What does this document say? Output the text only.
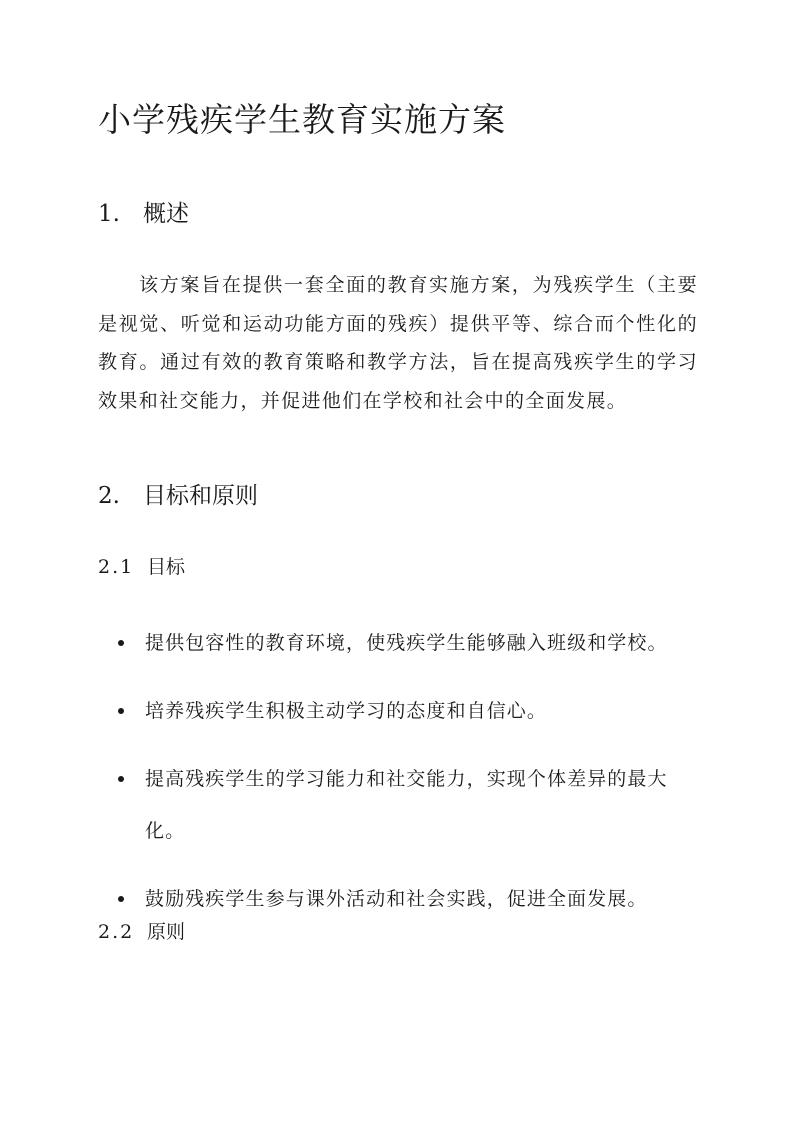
小学残疾学生教育实施方案
1. 概述

该方案旨在提供一套全面的教育实施方案，为残疾学生（主要是视觉、听觉和运动功能方面的残疾）提供平等、综合而个性化的教育。通过有效的教育策略和教学方法，旨在提高残疾学生的学习效果和社交能力，并促进他们在学校和社会中的全面发展。

2. 目标和原则
2.1 目标
提供包容性的教育环境，使残疾学生能够融入班级和学校。
培养残疾学生积极主动学习的态度和自信心。
提高残疾学生的学习能力和社交能力，实现个体差异的最大化。
鼓励残疾学生参与课外活动和社会实践，促进全面发展。
2.2 原则
